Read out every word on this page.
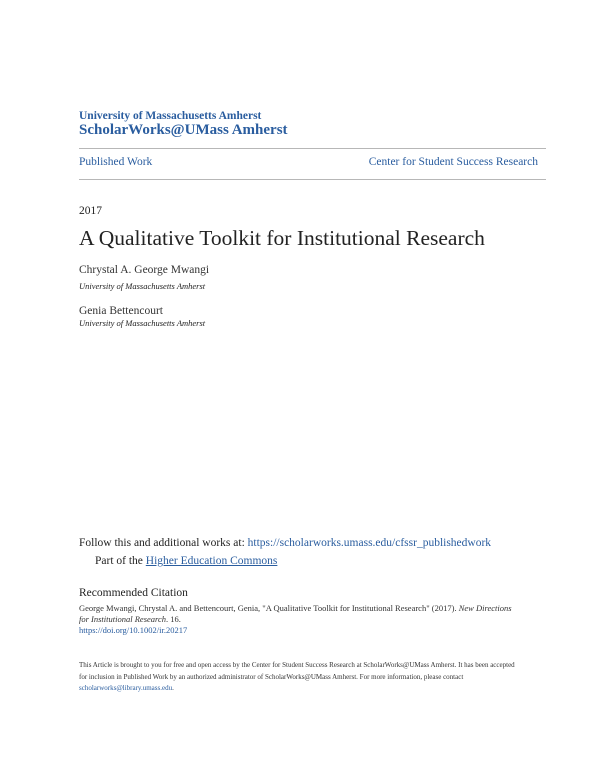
University of Massachusetts Amherst
ScholarWorks@UMass Amherst
Published Work	Center for Student Success Research
2017
A Qualitative Toolkit for Institutional Research
Chrystal A. George Mwangi
University of Massachusetts Amherst
Genia Bettencourt
University of Massachusetts Amherst
Follow this and additional works at: https://scholarworks.umass.edu/cfssr_publishedwork
Part of the Higher Education Commons
Recommended Citation
George Mwangi, Chrystal A. and Bettencourt, Genia, "A Qualitative Toolkit for Institutional Research" (2017). New Directions for Institutional Research. 16.
https://doi.org/10.1002/ir.20217
This Article is brought to you for free and open access by the Center for Student Success Research at ScholarWorks@UMass Amherst. It has been accepted for inclusion in Published Work by an authorized administrator of ScholarWorks@UMass Amherst. For more information, please contact scholarworks@library.umass.edu.
